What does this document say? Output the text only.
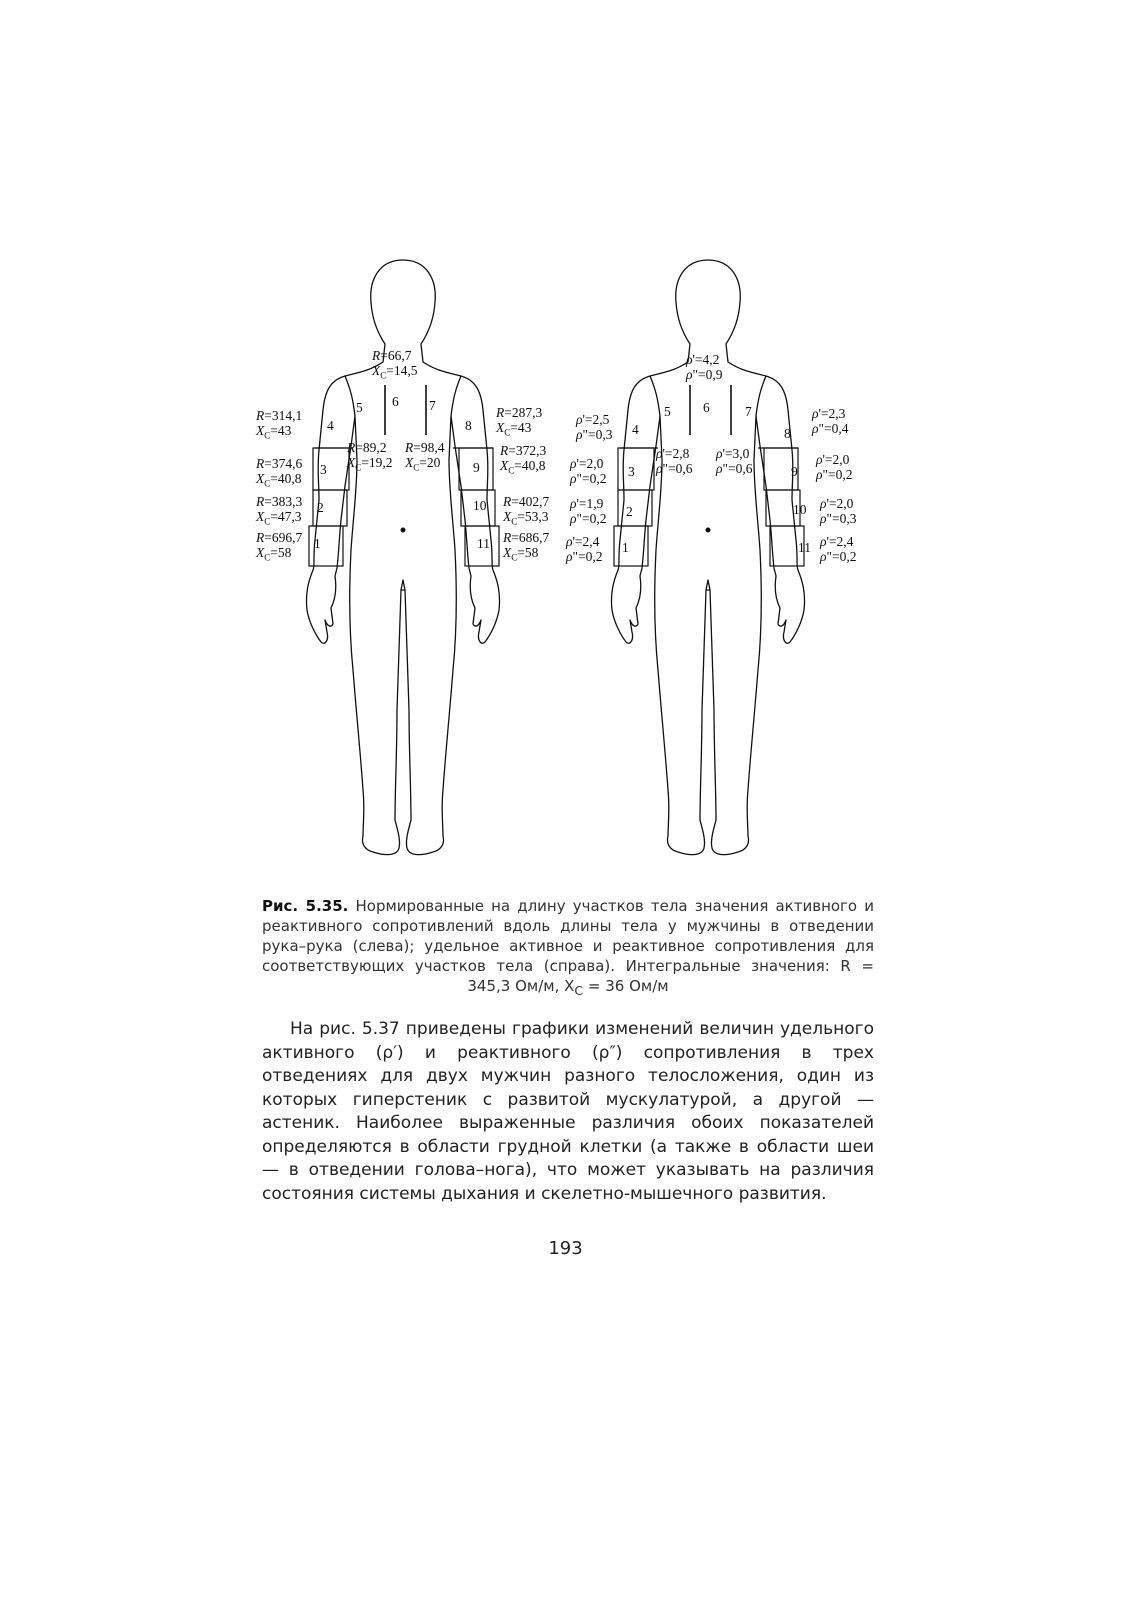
4
3
2
1
5 6 7
8
9
10
11
4
3
2
1
5 6	7
8
9
10
11
R=66,7
$X_C=14,5$
R=314,1
$X_C=43$
R=287,3
$X_C=43$
R=374,6
$X_C=40,8$
R=372,3
$X_C=40,8$
R=383,3
$X_C=47,3$
R=402,7
$X_C=53,3$
R=696,7
$X_C=58$
R=686,7
$X_C=58$
R=89,2
$X_C=19,2$
R=98,4
$X_C=20$
ρ'=4,2
ρ"=0,9
ρ'=2,5
ρ"=0,3
ρ'=2,3
ρ"=0,4
ρ'=2,0
ρ"=0,2
ρ'=2,0
ρ"=0,2
ρ'=1,9
ρ"=0,2
ρ'=2,0
ρ"=0,3
ρ'=2,4
ρ"=0,2
ρ'=2,4
ρ"=0,2
ρ'=2,8
ρ"=0,6
ρ'=3,0
ρ"=0,6
Рис. 5.35. Нормированные на длину участков тела значения активного и реактивного сопротивлений вдоль длины тела у мужчины в отведении рука–рука (слева); удельное активное и реактивное сопротивления для соответствующих участков тела (справа). Интегральные значения: R = 345,3 Ом/м, $X_C = 36$ Ом/м
На рис. 5.37 приведены графики изменений величин удельного активного (ρ′) и реактивного (ρ″) сопротивления в трех отведениях для двух мужчин разного телосложения, один из которых гиперстеник с развитой мускулатурой, а другой — астеник. Наиболее выраженные различия обоих показателей определяются в области грудной клетки (а также в области шеи — в отведении голова–нога), что может указывать на различия состояния системы дыхания и скелетно-мышечного развития.
193
